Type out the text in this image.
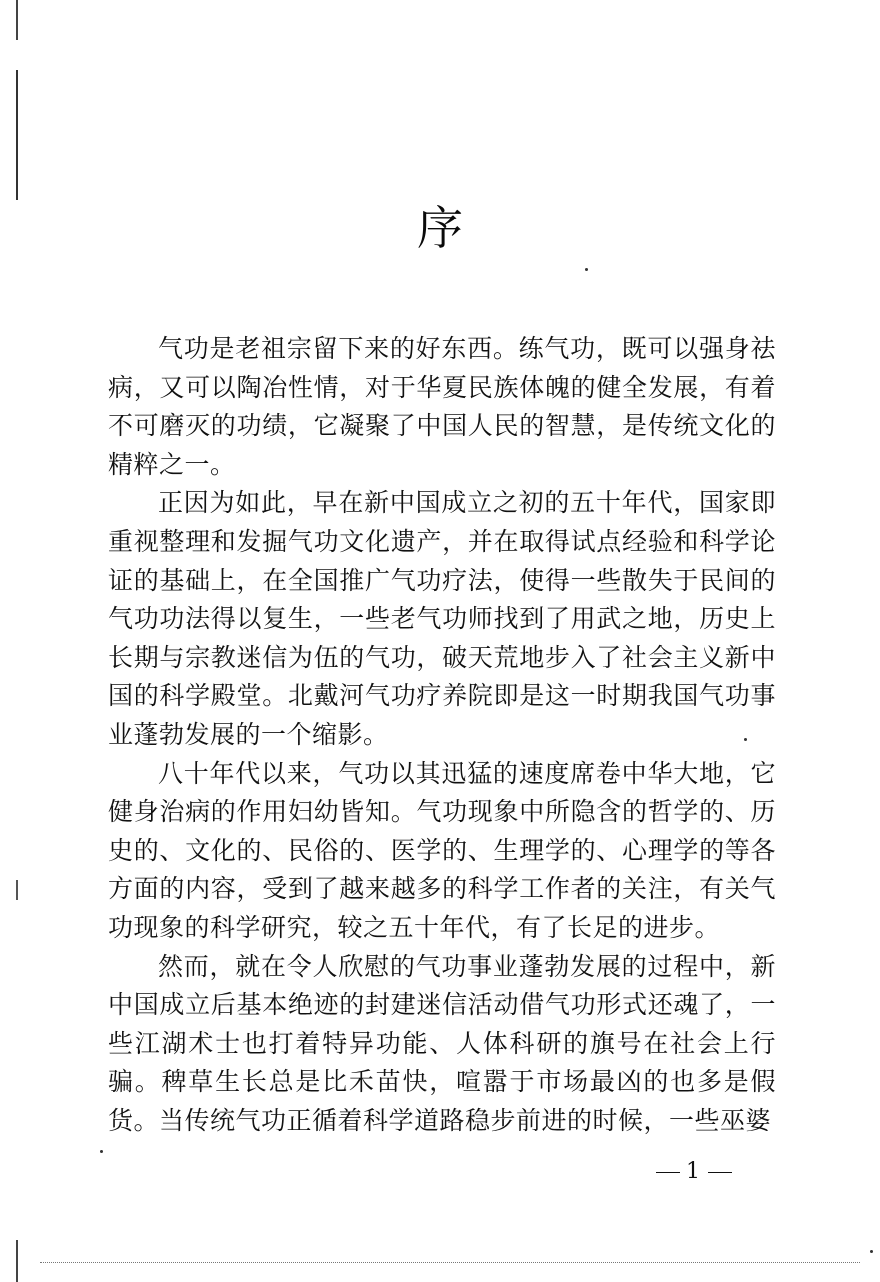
序

气功是老祖宗留下来的好东西。练气功，既可以强身祛病，又可以陶冶性情，对于华夏民族体魄的健全发展，有着不可磨灭的功绩，它凝聚了中国人民的智慧，是传统文化的精粹之一。

正因为如此，早在新中国成立之初的五十年代，国家即重视整理和发掘气功文化遗产，并在取得试点经验和科学论证的基础上，在全国推广气功疗法，使得一些散失于民间的气功功法得以复生，一些老气功师找到了用武之地，历史上长期与宗教迷信为伍的气功，破天荒地步入了社会主义新中国的科学殿堂。北戴河气功疗养院即是这一时期我国气功事业蓬勃发展的一个缩影。

八十年代以来，气功以其迅猛的速度席卷中华大地，它健身治病的作用妇幼皆知。气功现象中所隐含的哲学的、历史的、文化的、民俗的、医学的、生理学的、心理学的等各方面的内容，受到了越来越多的科学工作者的关注，有关气功现象的科学研究，较之五十年代，有了长足的进步。

然而，就在令人欣慰的气功事业蓬勃发展的过程中，新中国成立后基本绝迹的封建迷信活动借气功形式还魂了，一些江湖术士也打着特异功能、人体科研的旗号在社会上行骗。稗草生长总是比禾苗快，喧嚣于市场最凶的也多是假货。当传统气功正循着科学道路稳步前进的时候，一些巫婆

1
